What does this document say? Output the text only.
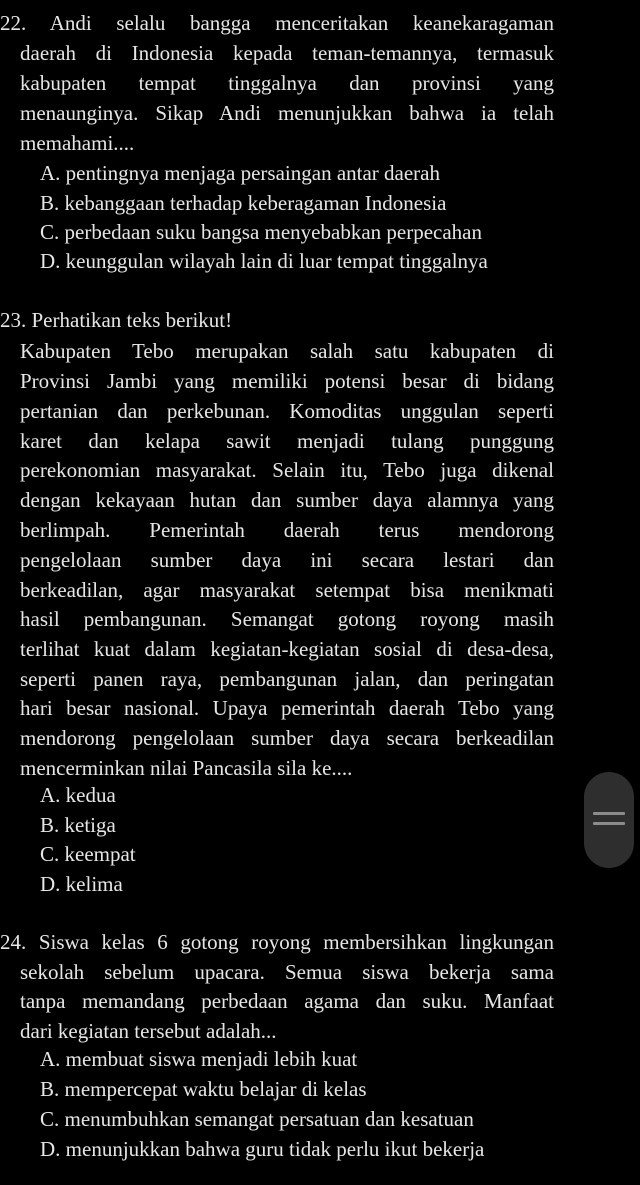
22. Andi selalu bangga menceritakan keanekaragaman
daerah di Indonesia kepada teman-temannya, termasuk
kabupaten tempat tinggalnya dan provinsi yang
menaunginya. Sikap Andi menunjukkan bahwa ia telah
memahami....
A. pentingnya menjaga persaingan antar daerah
B. kebanggaan terhadap keberagaman Indonesia
C. perbedaan suku bangsa menyebabkan perpecahan
D. keunggulan wilayah lain di luar tempat tinggalnya
23. Perhatikan teks berikut!
Kabupaten Tebo merupakan salah satu kabupaten di
Provinsi Jambi yang memiliki potensi besar di bidang
pertanian dan perkebunan. Komoditas unggulan seperti
karet dan kelapa sawit menjadi tulang punggung
perekonomian masyarakat. Selain itu, Tebo juga dikenal
dengan kekayaan hutan dan sumber daya alamnya yang
berlimpah. Pemerintah daerah terus mendorong
pengelolaan sumber daya ini secara lestari dan
berkeadilan, agar masyarakat setempat bisa menikmati
hasil pembangunan. Semangat gotong royong masih
terlihat kuat dalam kegiatan-kegiatan sosial di desa-desa,
seperti panen raya, pembangunan jalan, dan peringatan
hari besar nasional. Upaya pemerintah daerah Tebo yang
mendorong pengelolaan sumber daya secara berkeadilan
mencerminkan nilai Pancasila sila ke....
A. kedua
B. ketiga
C. keempat
D. kelima
24. Siswa kelas 6 gotong royong membersihkan lingkungan
sekolah sebelum upacara. Semua siswa bekerja sama
tanpa memandang perbedaan agama dan suku. Manfaat
dari kegiatan tersebut adalah...
A. membuat siswa menjadi lebih kuat
B. mempercepat waktu belajar di kelas
C. menumbuhkan semangat persatuan dan kesatuan
D. menunjukkan bahwa guru tidak perlu ikut bekerja
